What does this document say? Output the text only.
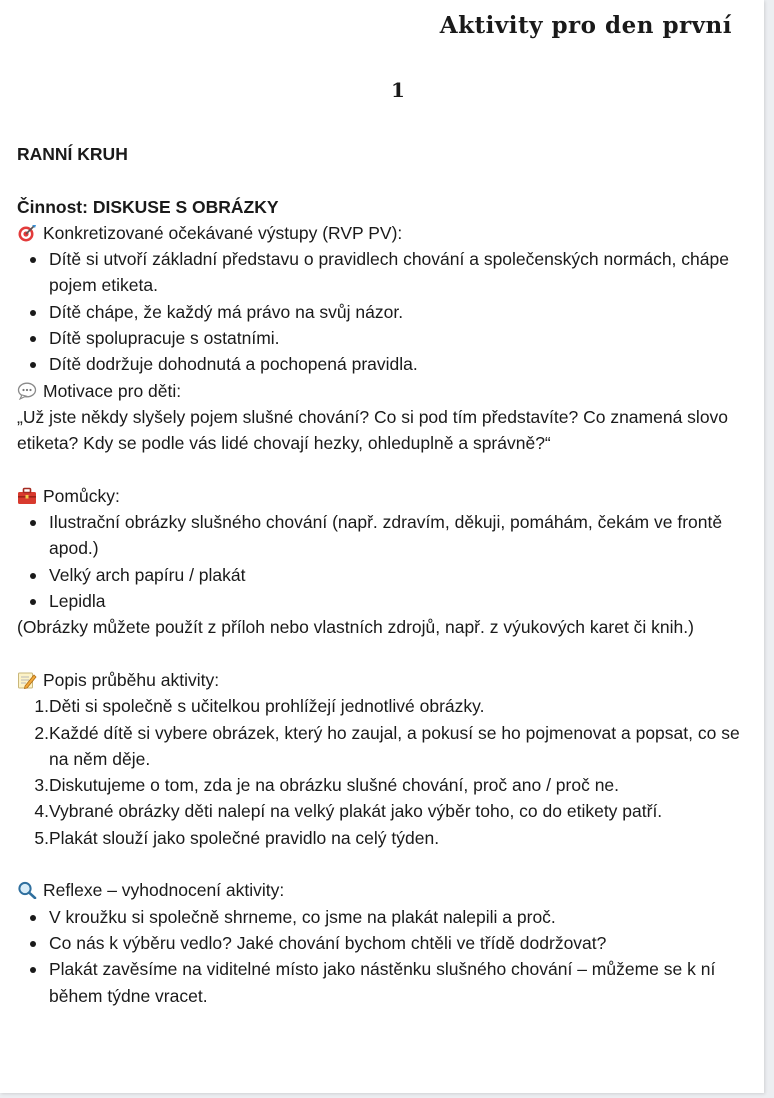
Aktivity pro den první
1
RANNÍ KRUH
Činnost: DISKUSE S OBRÁZKY
Konkretizované očekávané výstupy (RVP PV):
Dítě si utvoří základní představu o pravidlech chování a společenských normách, chápe pojem etiketa.
Dítě chápe, že každý má právo na svůj názor.
Dítě spolupracuje s ostatními.
Dítě dodržuje dohodnutá a pochopená pravidla.
Motivace pro děti:
„Už jste někdy slyšely pojem slušné chování? Co si pod tím představíte? Co znamená slovo etiketa? Kdy se podle vás lidé chovají hezky, ohleduplně a správně?“
Pomůcky:
Ilustrační obrázky slušného chování (např. zdravím, děkuji, pomáhám, čekám ve frontě apod.)
Velký arch papíru / plakát
Lepidla
(Obrázky můžete použít z příloh nebo vlastních zdrojů, např. z výukových karet či knih.)
Popis průběhu aktivity:
1. Děti si společně s učitelkou prohlížejí jednotlivé obrázky.
2. Každé dítě si vybere obrázek, který ho zaujal, a pokusí se ho pojmenovat a popsat, co se na něm děje.
3. Diskutujeme o tom, zda je na obrázku slušné chování, proč ano / proč ne.
4. Vybrané obrázky děti nalepí na velký plakát jako výběr toho, co do etikety patří.
5. Plakát slouží jako společné pravidlo na celý týden.
Reflexe – vyhodnocení aktivity:
V kroužku si společně shrneme, co jsme na plakát nalepili a proč.
Co nás k výběru vedlo? Jaké chování bychom chtěli ve třídě dodržovat?
Plakát zavěsíme na viditelné místo jako nástěnku slušného chování – můžeme se k ní během týdne vracet.
